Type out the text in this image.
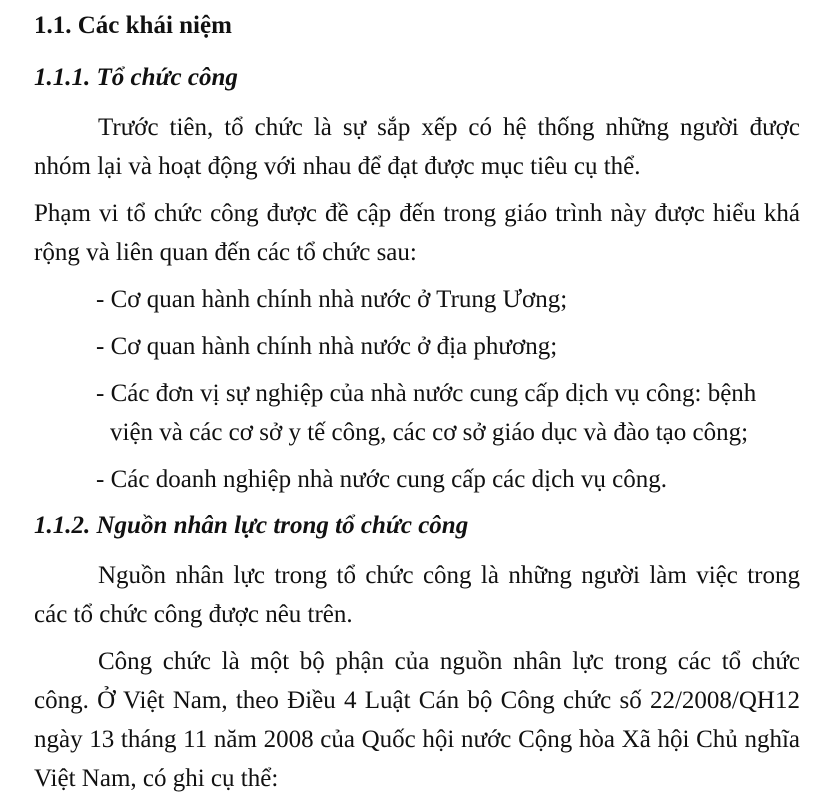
1.1. Các khái niệm
1.1.1. Tổ chức công
Trước tiên, tổ chức là sự sắp xếp có hệ thống những người được nhóm lại và hoạt động với nhau để đạt được mục tiêu cụ thể.
Phạm vi tổ chức công được đề cập đến trong giáo trình này được hiểu khá rộng và liên quan đến các tổ chức sau:
- Cơ quan hành chính nhà nước ở Trung Ương;
- Cơ quan hành chính nhà nước ở địa phương;
- Các đơn vị sự nghiệp của nhà nước cung cấp dịch vụ công: bệnh
viện và các cơ sở y tế công, các cơ sở giáo dục và đào tạo công;
- Các doanh nghiệp nhà nước cung cấp các dịch vụ công.
1.1.2. Nguồn nhân lực trong tổ chức công
Nguồn nhân lực trong tổ chức công là những người làm việc trong các tổ chức công được nêu trên.
Công chức là một bộ phận của nguồn nhân lực trong các tổ chức công. Ở Việt Nam, theo Điều 4 Luật Cán bộ Công chức số 22/2008/QH12 ngày 13 tháng 11 năm 2008 của Quốc hội nước Cộng hòa Xã hội Chủ nghĩa Việt Nam, có ghi cụ thể:
